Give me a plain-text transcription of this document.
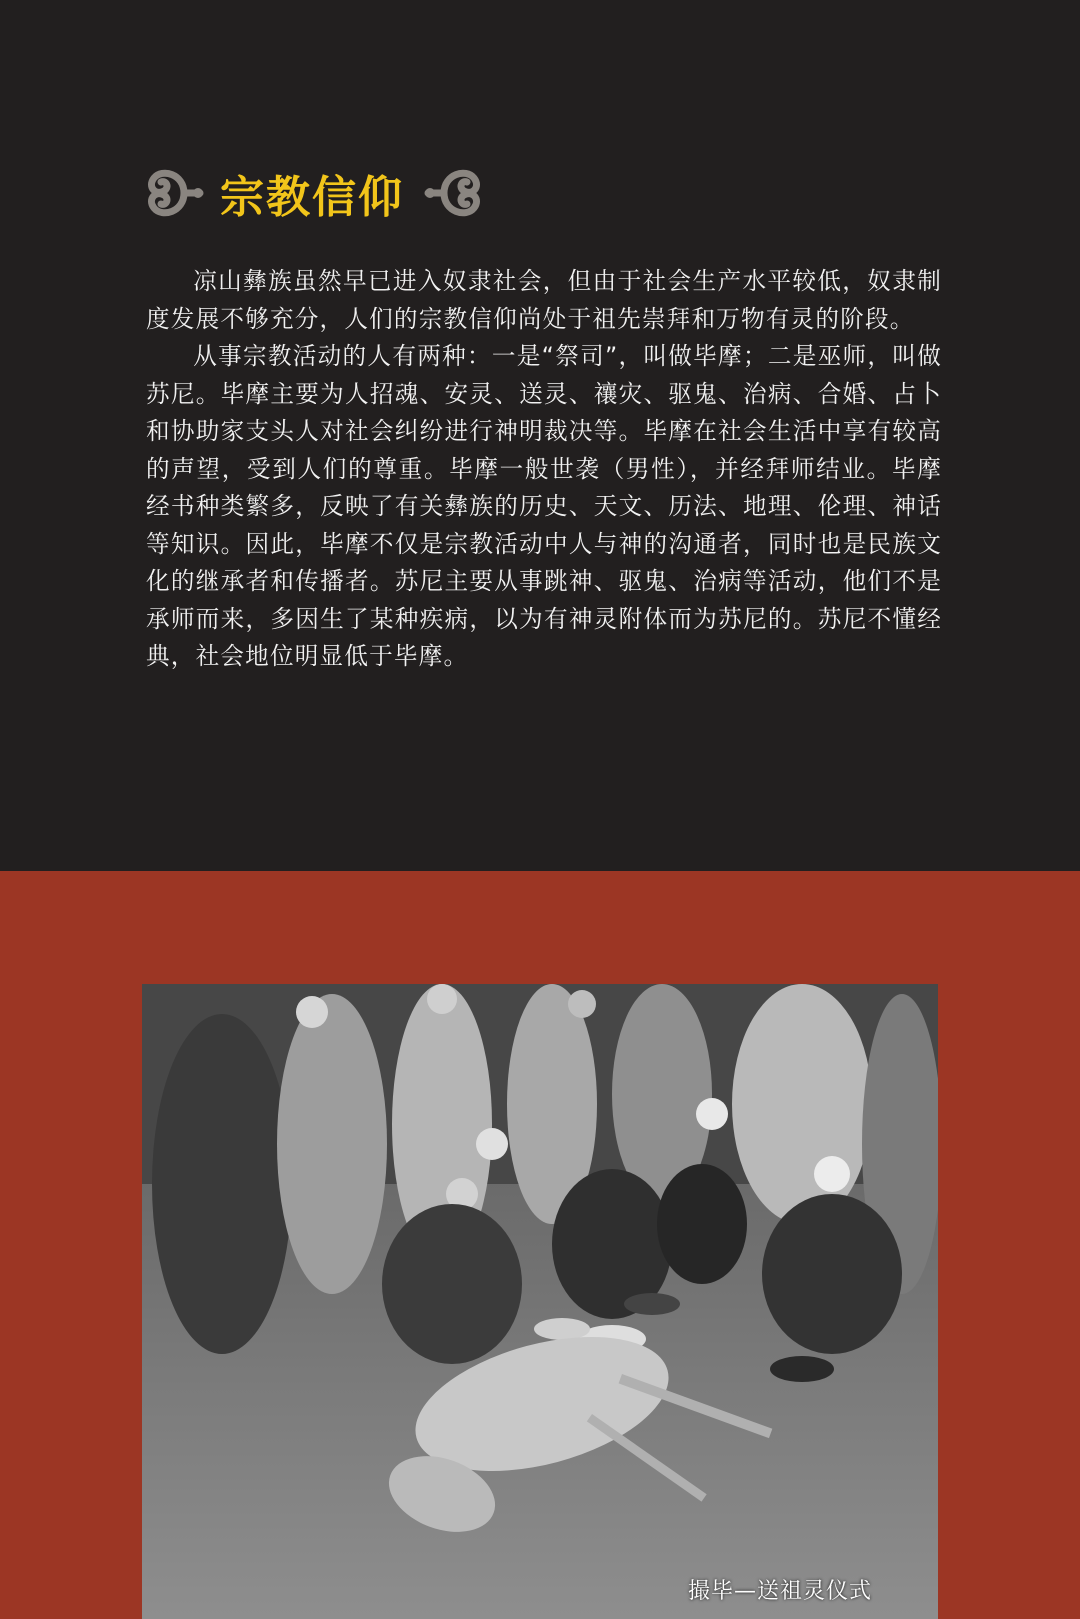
宗教信仰

凉山彝族虽然早已进入奴隶社会，但由于社会生产水平较低，奴隶制度发展不够充分，人们的宗教信仰尚处于祖先崇拜和万物有灵的阶段。

从事宗教活动的人有两种：一是“祭司”，叫做毕摩；二是巫师，叫做苏尼。毕摩主要为人招魂、安灵、送灵、禳灾、驱鬼、治病、合婚、占卜和协助家支头人对社会纠纷进行神明裁决等。毕摩在社会生活中享有较高的声望，受到人们的尊重。毕摩一般世袭（男性），并经拜师结业。毕摩经书种类繁多，反映了有关彝族的历史、天文、历法、地理、伦理、神话等知识。因此，毕摩不仅是宗教活动中人与神的沟通者，同时也是民族文化的继承者和传播者。苏尼主要从事跳神、驱鬼、治病等活动，他们不是承师而来，多因生了某种疾病，以为有神灵附体而为苏尼的。苏尼不懂经典，社会地位明显低于毕摩。

撮毕—送祖灵仪式
